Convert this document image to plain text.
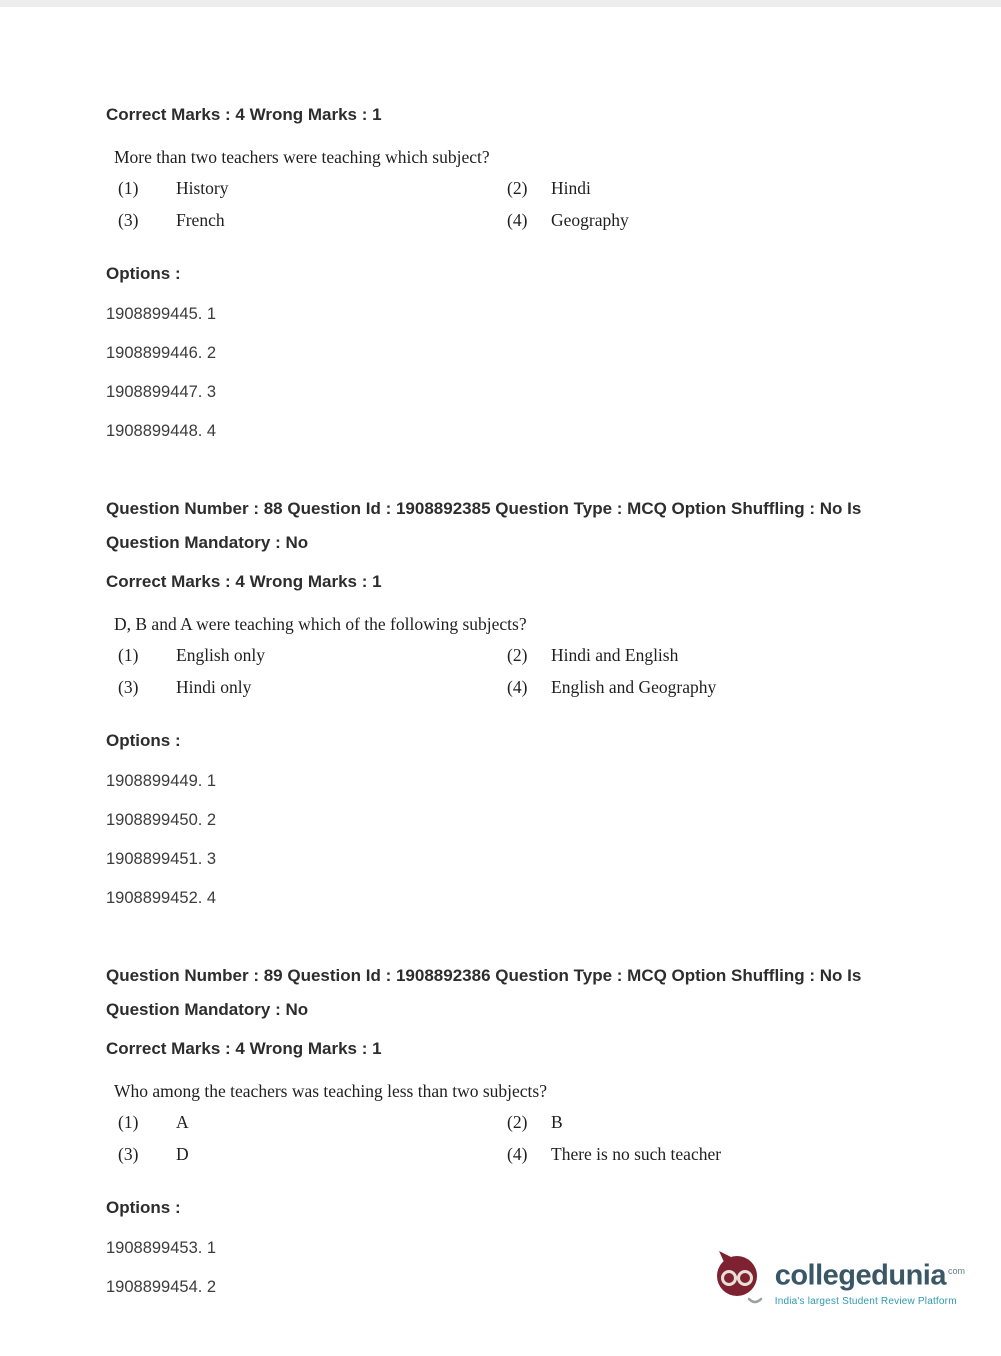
Correct Marks : 4 Wrong Marks : 1

More than two teachers were teaching which subject?

(1)	History	(2)	Hindi
(3)	French	(4)	Geography

Options :

1908899445. 1

1908899446. 2

1908899447. 3

1908899448. 4

Question Number : 88 Question Id : 1908892385 Question Type : MCQ Option Shuffling : No Is

Question Mandatory : No

Correct Marks : 4 Wrong Marks : 1

D, B and A were teaching which of the following subjects?

(1)	English only	(2)	Hindi and English
(3)	Hindi only	(4)	English and Geography

Options :

1908899449. 1

1908899450. 2

1908899451. 3

1908899452. 4

Question Number : 89 Question Id : 1908892386 Question Type : MCQ Option Shuffling : No Is

Question Mandatory : No

Correct Marks : 4 Wrong Marks : 1

Who among the teachers was teaching less than two subjects?

(1)	A	(2)	B
(3)	D	(4)	There is no such teacher

Options :

1908899453. 1

1908899454. 2	collegedunia $^{com}$
India's largest Student Review Platform
